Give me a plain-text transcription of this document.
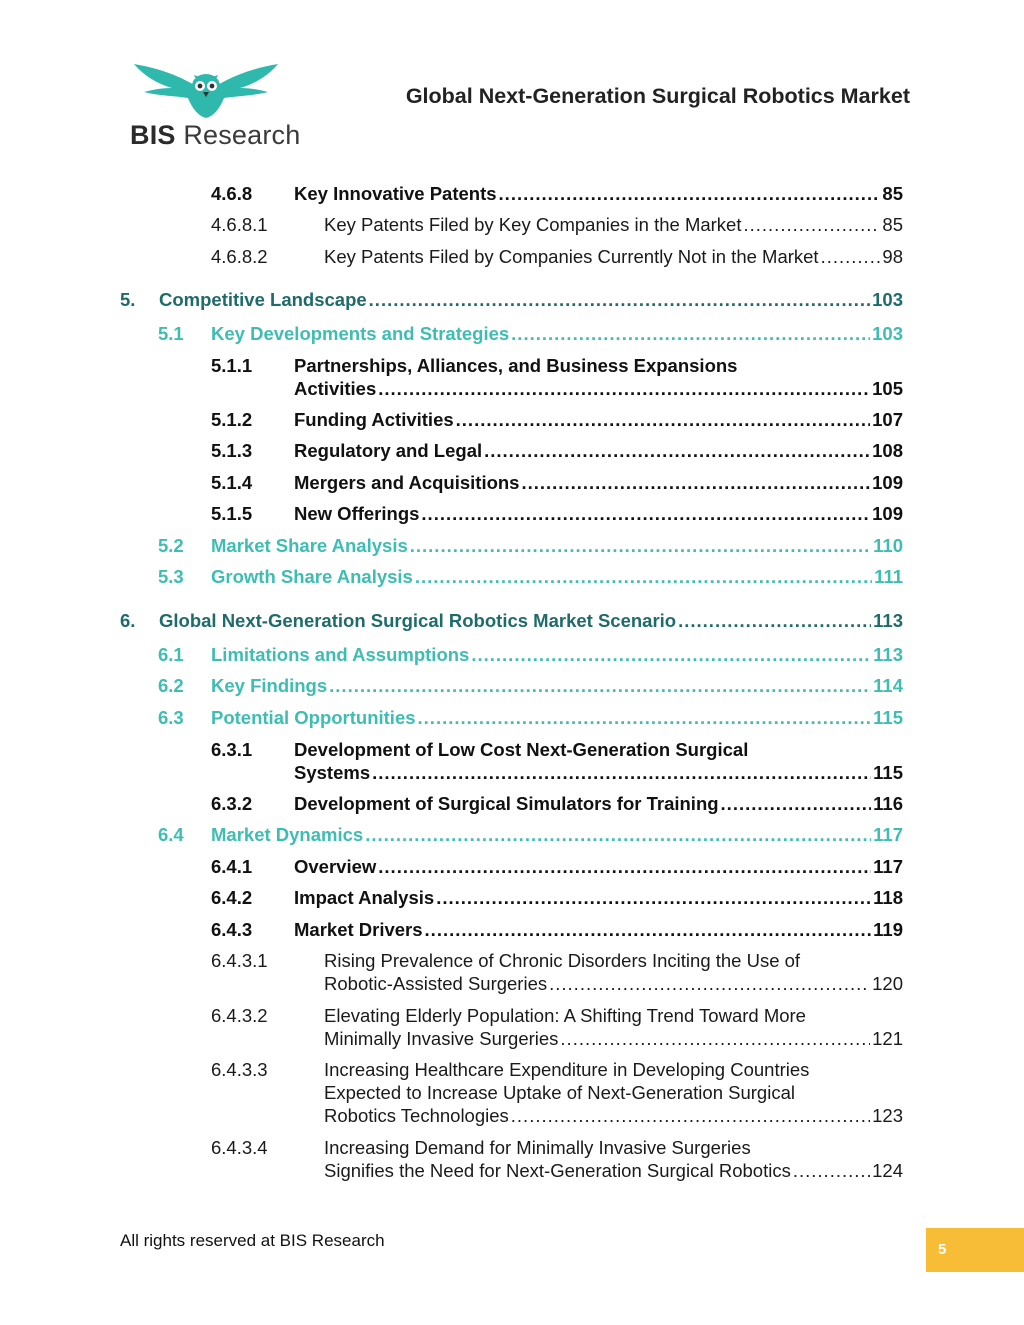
BIS Research
Global Next-Generation Surgical Robotics Market
4.6.8 Key Innovative Patents .....	85
4.6.8.1	Key Patents Filed by Key Companies in the Market .....	85
4.6.8.2	Key Patents Filed by Companies Currently Not in the Market .....	98
5. Competitive Landscape .....	103
5.1 Key Developments and Strategies .....	103
5.1.1 Partnerships, Alliances, and Business Expansions
Activities .....	105
5.1.2 Funding Activities .....	107
5.1.3 Regulatory and Legal .....	108
5.1.4 Mergers and Acquisitions .....	109
5.1.5 New Offerings .....	109
5.2 Market Share Analysis .....	110
5.3 Growth Share Analysis .....	111
6. Global Next-Generation Surgical Robotics Market Scenario .....	113
6.1 Limitations and Assumptions .....	113
6.2 Key Findings .....	114
6.3 Potential Opportunities .....	115
6.3.1 Development of Low Cost Next-Generation Surgical
Systems .....	115
6.3.2 Development of Surgical Simulators for Training .....	116
6.4 Market Dynamics .....	117
6.4.1 Overview .....	117
6.4.2 Impact Analysis .....	118
6.4.3 Market Drivers .....	119
6.4.3.1	Rising Prevalence of Chronic Disorders Inciting the Use of
Robotic-Assisted Surgeries .....	120
6.4.3.2	Elevating Elderly Population: A Shifting Trend Toward More
Minimally Invasive Surgeries .....	121
6.4.3.3	Increasing Healthcare Expenditure in Developing Countries
Expected to Increase Uptake of Next-Generation Surgical
Robotics Technologies .....	123
6.4.3.4	Increasing Demand for Minimally Invasive Surgeries
Signifies the Need for Next-Generation Surgical Robotics .....	124
All rights reserved at BIS Research	5
